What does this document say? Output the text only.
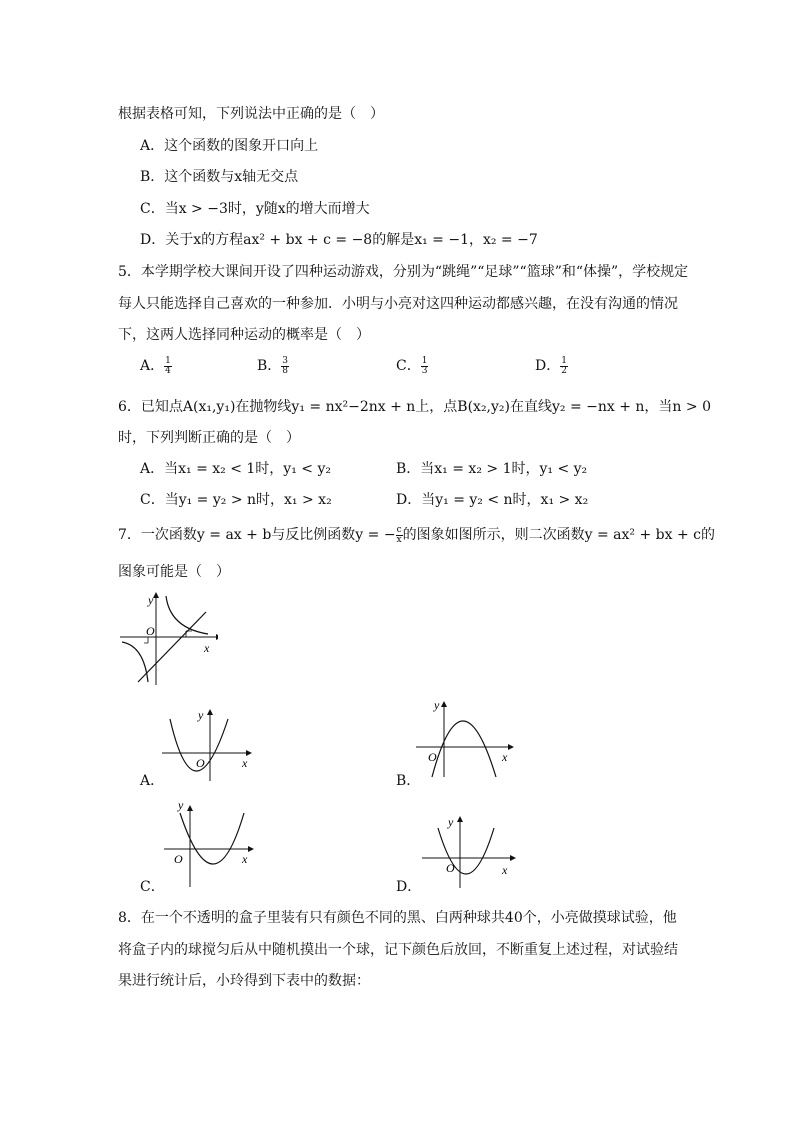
根据表格可知，下列说法中正确的是（　）
A．这个函数的图象开口向上
B．这个函数与x轴无交点
C．当x > −3时，y随x的增大而增大
D．关于x的方程ax² + bx + c = −8的解是x₁ = −1，x₂ = −7
5．本学期学校大课间开设了四种运动游戏，分别为“跳绳”“足球”“篮球”和“体操”，学校规定
每人只能选择自己喜欢的一种参加．小明与小亮对这四种运动都感兴趣，在没有沟通的情况
下，这两人选择同种运动的概率是（　）
A． $\frac{1}{4}$	B． $\frac{3}{8}$	C． $\frac{1}{3}$	D． $\frac{1}{2}$
6．已知点A(x₁,y₁)在抛物线y₁ = nx²−2nx + n上，点B(x₂,y₂)在直线y₂ = −nx + n，当n > 0
时，下列判断正确的是（　）
A．当x₁ = x₂ < 1时，y₁ < y₂	B．当x₁ = x₂ > 1时，y₁ < y₂
C．当y₁ = y₂ > n时，x₁ > x₂	D．当y₁ = y₂ < n时，x₁ > x₂
7．一次函数y = ax + b与反比例函数y = − $\frac{c}{x}$ 的图象如图所示，则二次函数y = ax² + bx + c的
图象可能是（　）
O
y
x
A．
O
y
x
B．
O
y
x
C．
O
y
x
D．
O
y
x
8．在一个不透明的盒子里装有只有颜色不同的黑、白两种球共40个，小亮做摸球试验，他
将盒子内的球搅匀后从中随机摸出一个球，记下颜色后放回，不断重复上述过程，对试验结
果进行统计后，小玲得到下表中的数据：
